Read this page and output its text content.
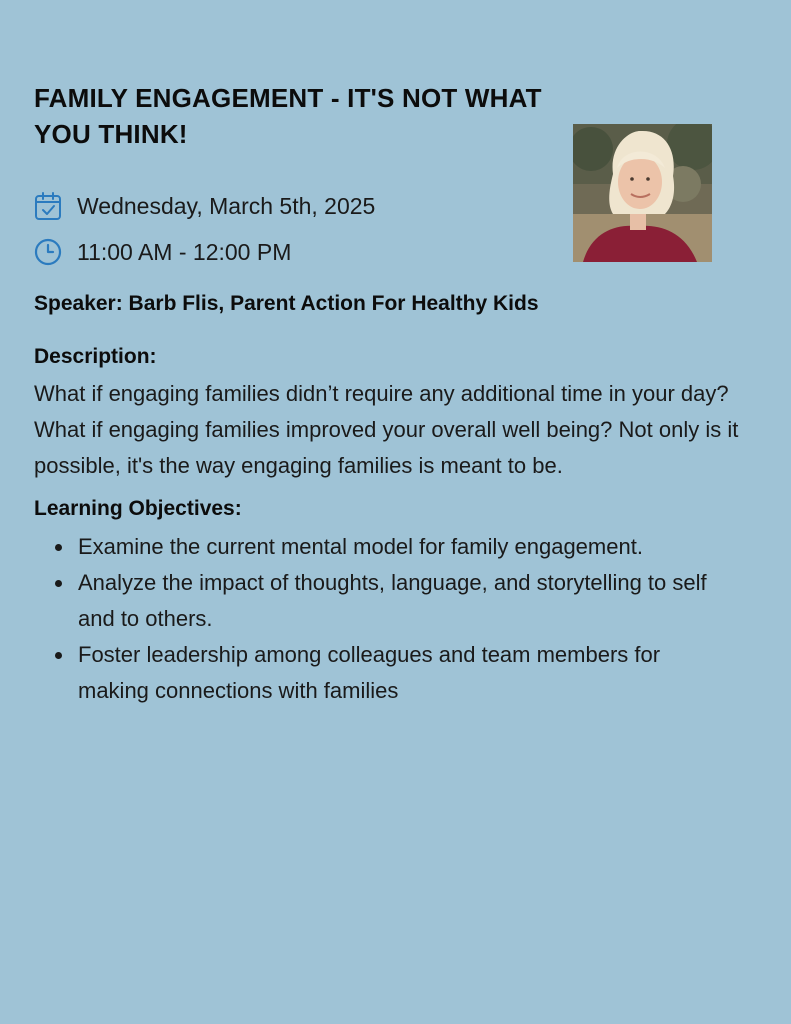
FAMILY ENGAGEMENT - IT'S NOT WHAT YOU THINK!
Wednesday, March 5th, 2025
11:00 AM - 12:00 PM
Speaker: Barb Flis, Parent Action For Healthy Kids
Description:
What if engaging families didn’t require any additional time in your day? What if engaging families improved your overall well being? Not only is it possible, it's the way engaging families is meant to be.
Learning Objectives:
Examine the current mental model for family engagement.
Analyze the impact of thoughts, language, and storytelling to self and to others.
Foster leadership among colleagues and team members for making connections with families
